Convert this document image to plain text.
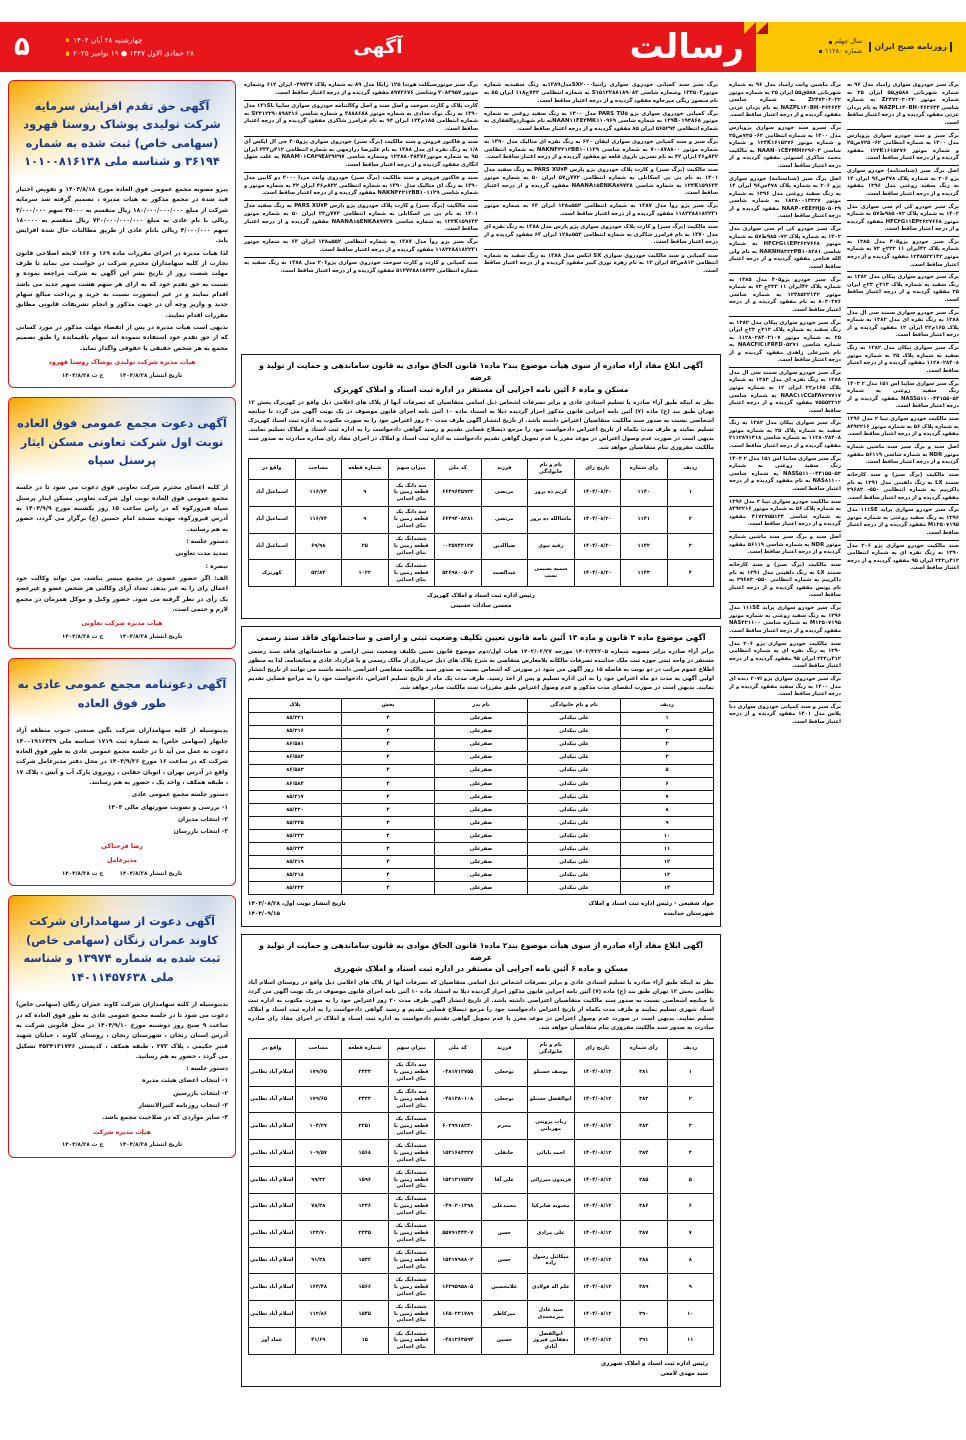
روزنامه صبح ایران
سال چهلم
شماره ۱۱۲۸۰
رسالت
آگهی
چهارشنبه ۲۸ آبان ۱۴۰۴
۲۸ جمادی الاول ۱۴۴۷ ● ۱۹ نوامبر ۲۰۲۵
۵
برگ سبز خودروی سواری زامیاد مدل ۹۶ به شماره شهربانی ۵۸۸ق۵۵ ایران ۲۵ به شماره موتور Z۲۴۷۳۰۳۰۳۲ به شماره شاسی NAZPL۱۴۰BH۰۴۶۳۶۴۴ به نام یزدان عزتی مفقود گردیده و از درجه اعتبار ساقط است.
برگ سبز و سند خودرو سواری پژوپارس مدل ۱۴۰۰ به شماره انتظامی ۶۲- ۷۲۵ص۲۵ و شماره موتور ۱۲۴K۱۶۱۵۲۷۶ مفقود گردیده و از درجه اعتبار ساقط است.
اصل برگ سبز (شناسنامه) خودرو سواری پژو ۲۰۶ به شماره پلاک ۴۷۸س۹۶ ایران ۱۴ به رنگ سفید روغنی مدل ۱۳۹۶ مفقود گردیده و از درجه اعتبار ساقط است.
برگ سبز خودرو کی ام سی سواری مدل ۱۴۰۲ به شماره پلاک ۷۲- ۹۸۵ط۵۷ به شماره موتور HFC۴G۱۱EP۳۶۲۷۶۶۸ مفقود گردیده و از درجه اعتبار ساقط است.
برگ سبز خودرو پژو۴۰۵ مدل ۱۳۸۵ به شماره پلاک ۴۲ایران ۱۱ ۲۳۳ج ۷۳ به شماره موتور ۱۲۴۸۵۲۲۱۴۲ مفقود گردیده و از درجه اعتبار ساقط است.
برگ سبز خودرو سواری پیکان مدل ۱۳۸۲ به رنگ سفید به شماره پلاک ۳۱۳ج ۲۳ج ایران ۲۵ مفقود گردیده و از درجه اعتبار ساقط است.
برگ سبز خودرو سواری سمند سی ال مدل ۱۳۸۸ به رنگ نقره ای مدل ۱۳۸۳ به شماره پلاک ۱۶۵م۲۲ ایران ۱۲ مفقود گردیده و از درجه اعتبار ساقط است.
برگ سبز سواری پیکان مدل ۱۳۸۲ به رنگ سفید به شماره پلاک ۲۵ به شماره موتور ۱۱۲۸۰۲۸۴۰۸ مفقود گردیده و از درجه اعتبار ساقط است.
برگ سبز سواری ساینا اس ۱۵۱ مدل ۲ ۱۴۰۳ رنگ سفید روغنی به شماره NASS۵۱۱۰۰۴۴۱۵۵۰۵۳ مفقود گردیده و از درجه اعتبار ساقط است.
سند مالکیت خودرو سواری تیبا ۲ مدل ۱۳۹۶ به شماره پلاک ۵۶ به شماره موتور ۸۴۹۲۲۱۶ مفقود گردیده و از درجه اعتبار ساقط است.
اصل سند و برگ سبز سند ماشین شماره موتور NDR به شماره شاسی ۵۶۱۱۹ مفقود گردیده و از درجه اعتبار ساقط است.
سند مالکیت (برگ سبز) و سند کارخانه سمند LX به رنگ دلفینی مدل ۱۳۹۱ به نام داکرپیم به شماره انتظامی ۵۵۰- ۲۹۶۸۳ مفقود گردیده و از درجه اعتبار ساقط است.
برگ سبز خودرو سواری پراید ۱۱۱SE مدل ۱۳۹۶ به رنگ سفید روغنی به شماره موتور M۱۳۵۰۷۱۹۵ مفقود گردیده و از درجه اعتبار ساقط است.
سند مالکیت خودرو سواری پژو ۲۰۶ مدل ۱۳۹۰ به رنگ نقره ای به شماره انتظامی ۴۱۲ن۲۳۳ ایران ۹۵ مفقود گردیده و از درجه اعتبار ساقط است.
برگ ماشین وانت زامیاد مدل ۹۶ به شماره شهربانی ۵۸۸ق۵۵ ایران ۲۵ به شماره موتور Z۲۴۷۳۰۳۰۳۲ به شماره شاسی NAZPL۱۴۰BH۰۴۶۳۶۴۴ به نام یزدان عزتی مفقود گردیده و از درجه اعتبار ساقط است.
برگ سبزو سند خودرو سواری پژوپارس مدل ۱۴۰۰ به شماره انتظامی ۶۲- ۷۲۵ص۲۵ و شماره موتور ۱۲۴K۱۶۱۵۲۷۶ و شماره شاسی NAAN۰۱CE۴MH۶۲۹۶۰۴ به مالکیت محمد شاکری اسبوئی مفقود گردیده و از درجه اعتبار ساقط است.
اصل برگ سبز (شناسنامه) خودرو سواری پژو ۲۰۶ به شماره پلاک ۴۷۸س۹۶ ایران ۱۴ به رنگ سفید روغنی مدل ۱۳۹۶ به شماره موتور ۱۸۲۸۰۰۱۳۳۲۷ به شماره شاسی NAAP۰۳EE۴HJ۵۰۵۰۳۹ مفقود گردیده و از درجه اعتبار ساقط است.
برگ سبز خودرو کی ام سی سواری مدل ۱۴۰۲ به شماره پلاک ۷۲- ۹۸۵ط۵۷ به شماره موتور HFC۴G۱۱EP۳۶۲۷۶۶۸ به شماره شاسی NAKNH۸۳۲۳PB۱۰۸۲۸۱ به نام ولی الله فتاحی مفقود گردیده و از درجه اعتبار ساقط است.
برگ سبز خودرو پژو۴۰۵ مدل ۱۳۸۵ به شماره پلاک ۴۲ایران ۱۱ ۲۳۳ج ۷۳ به شماره موتور ۱۲۴۸۵۲۲۱۴۲ به شماره شاسی ۸۰۳۰۳۷۶ به نام مفقود گردیده و از درجه اعتبار ساقط است.
برگ سبز خودرو سواری پیکان مدل ۱۳۸۲ به رنگ سفید به شماره پلاک ۳۱۳ج ۲۳ج ایران ۲۵ به شماره موتور ۱۱۲۸۰۲۸۴۰۳۱۰۷ به شماره شاسی NAACFIC۱FRFD۰۵۲۷۱ به نام شیرعلی زاهدی مفقود گردیده و از درجه اعتبار ساقط است.
برگ سبز خودرو سواری سمند سی ال مدل ۱۳۸۸ به رنگ نقره ای مدل ۱۳۸۳ به شماره پلاک ۱۶۵م۲۲ ایران ۱۲ به شماره موتور NAAC۱۱CC۵FA۷۲۷۷۱۷ به شماره شاسی ۷۵۵۵۳۳۱۲ مفقود گردیده و از درجه اعتبار ساقط است.
برگ سبز سواری پیکان مدل ۱۳۸۲ به رنگ سفید به شماره پلاک ۲۵ به شماره موتور ۱۱۲۸۰۲۸۴۰۸ به شماره شاسی ۳۱۱۲۸۹۱۴۱۸ مفقود گردیده و از درجه اعتبار ساقط است.
برگ سبز سواری ساینا اس ۱۵۱ مدل ۲ ۱۴۰۳ رنگ سفید روغنی به شماره NASS۵۱۱۰۰۴۴۱۵۵۰۵۳ به شماره شاسی NAS۸۱۱۰۰ به نام مفقود گردیده و از درجه اعتبار ساقط است.
سند مالکیت خودرو سواری تیبا ۲ مدل ۱۳۹۶ به شماره پلاک ۵۶ به شماره موتور ۸۴۹۲۲۱۶ به شماره شاسی ۴۱۷۲۷۵۵۱۳۴ مفقود گردیده و از درجه اعتبار ساقط است.
اصل سند و برگ سبز سند ماشین شماره موتور NDR به شماره شاسی ۵۶۱۱۹ مفقود گردیده و از درجه اعتبار ساقط است.
سند مالکیت (برگ سبز) و سند کارخانه سمند LX به رنگ دلفینی مدل ۱۳۹۱ به نام داکرپیم به شماره انتظامی ۵۵۰- ۲۹۶۸۳ به نام یونس مفقود گردیده و از درجه اعتبار ساقط است.
برگ سبز خودرو سواری پراید ۱۱۱SE مدل ۱۳۹۶ به رنگ سفید روغنی به شماره موتور M۱۳۵۰۷۱۹۵ به شماره شاسی NAS۴۳۱۱۰۰ مفقود گردیده و از درجه اعتبار ساقط است.
سند مالکیت خودرو سواری پژو ۲۰۶ مدل ۱۳۹۰ به رنگ نقره ای به شماره انتظامی ۴۱۲ن۲۳۳ ایران ۹۵ مفقود گردیده و از درجه اعتبار ساقط است.
برگ سبز خودروی سواری پژو ۲۰۷i دنده ای مدل ۱۴۰۰ به رنگ سفید مفقود گردیده و از درجه اعتبار ساقط است.
برگ سبز و سند کمپانی خودروی سواری دنا پلاس مدل ۱۴۰۱ مفقود گردیده و از درجه اعتبار ساقط است.
برگ سبز سند کمپانی خودروی سواری زانتیاSX۲۰۰۰مدل۱۳۸۹به رنگ سفیدبه شماره موتور۱۳۴۵۰۳ وشماره شاسی S۱۵۱۲۲۸۸۱۸۹۰۸۳ به شماره انتظامی ۷۴۲ج۱۱۸ ایران ۸۵ به نام منصور ریگی میرجاوه مفقود گردیده و از درجه اعتبار ساقط است.
برگ کمپانی خودروی سواری پژو PARS TU۵ مدل ۱۴۰۰ به رنگ سفید روغنی به شماره موتور ۱۳۹B۰۱۹۴۸۶۸ به شماره شاسی NAAN۱۱FE۴MK۱۱۰۹۶۹به نام شهنازذوالفقاری به شماره انتظامی ۵۶۵۲۹۴ ایران ۸۵ مفقود گردیده و از درجه اعتبار ساقط است.
برگ سبز و سند کمپانی خودروی سواری لیفان ۶۲۰ به رنگ نقره ای متالیک مدل ۱۳۹۰ به شماره موتور ۷۰۰۸۷۸۸۰۰ به شماره شاسی NAKNF۴۲۱۲BB۱۰۱۱۲۹ به شماره انتظامی ۸۴۲و۴۶ ایران ۴۲ به نام نسرین ناروی قلعه نو مفقود گردیده و از درجه اعتبار ساقط است.
سند مالکیت (برگ سبز) و کارت پلاک خودروی پژو پارس PARS XU۷P به رنگ سفید مدل ۱۴۰۱ به نام بی بی اسکانلی به شماره انتظامی ۷۷۲ن۵۷ ایران ۵۰ به شماره موتور ۱۲۴K۱۵۹۶۴۳ به شماره شاسی NAANA۱۵ENKA۸۹۷۳۸ مفقود گردیده و از درجه اعتبار ساقط است.
برگ سبز پژو روآ مدل ۱۳۸۷ به شماره انتظامی ۵۵۲ه۱۲۸ ایران ۶۳ به شماره موتور ۱۱۸۲۲۸۸۱۸۲۲۳۱ مفقود گردیده و از درجه اعتبار ساقط است.
سند مالکیت (برگ سبز) و کارت پلاک خودروی سواری پژو پارس مدل ۱۳۸۸ به رنگ نقره ای مدل ۱۳۷۰ به نام فرامرز شاکری به شماره انتظامی ۵۵۲ه۱۲۸ ایران ۶۳ مفقود گردیده و از درجه اعتبار ساقط است.
سند کمپانی و سند مالکیت خودروی سواری SX ایکس مدل ۱۳۸۸ به رنگ سفید به شماره انتظامی ۸۱۲ص۵۳ ایران ۱۲ به نام زهره نوری کبیر مفقود گردیده و از درجه اعتبار ساقط است.
برگ سبز موتورسیکلت هوندا ۱۲۵ رایکا مدل ۸۹ به شماره پلاک ۴۹۷۲۷- ایران ۶۱۲ وشماره موتور ۳۰۸۴۹۵۷ وشاسی ۸۹۷۲۶۷۶ مفقود گردیده و از درجه اعتبار ساقط است.
کارت پلاک و کارت سوخت و اصل سند و اصل وکالتنامه خودروی سواری سایپا ۱۳۱SL مدل ۱۳۹۰ به رنگ نوک مدادی به شماره موتور ۳۸۸۸۶۸۸ و شماره شاسی S۳۴۱۲۲۹۰۸۹۸۲۱۶ به شماره انتظامی ۱۸۵م۱۲۳ ایران ۹۴ به نام فرامرز شاکری مفقود گردیده و از درجه اعتبار ساقط است.
سند و فاکتور فروش و سند مالکیت (برگ سبز) خودروی سواری پژو۴۰۵ جی ال ایکس آی ۱/۸ به رنگ نقره ای مدل ۱۳۸۸ به نام علیرضا درازمهی به شماره انتظامی ۴۱۲ن۲۳۳ ایران ۹۵ به شماره موتور۱۲۴۸۸۰۴۸۳۷۶ وشماره شاسی NAAM۰۱CA۳۹E۸۲۹۲۹۷ به علت سهل انگاری مفقود گردیده و از درجه اعتبار ساقط است.
سند و فاکتور فروش و سند مالکیت (برگ سبز) خودروی وانت مزدا ۲۰۰۰ دو کابین مدل ۱۳۹۰ به رنگ ای متالیک مدل ۱۳۹۰ به شماره انتظامی ۸۴۲م۴۶ ایران ۴۲ به شماره موتور و شماره شاسی NAKNF۴۲۱۲BB۱۰۱۱۲۹ مفقود گردیده و از درجه اعتبار ساقط است.
سند مالکیت (برگ سبز) و کارت پلاک خودروی پژو پارس PARS XU۷P به رنگ سفید مدل ۱۴۰۱ به نام بی بی اسکانلی به شماره انتظامی ۷۷۲ن۲۳ ایران ۵۰ به شماره موتور ۱۲۴K۱۵۹۶۴۳ به شماره شاسی NAANA۱۵ENKA۸۹۷۳۸ مفقود گردیده و از درجه اعتبار ساقط است.
برگ سبز پژو روآ مدل ۱۳۸۷ به شماره انتظامی ۵۵۲ه۱۲۸ ایران ۶۳ به شماره موتور ۱۱۸۲۲۸۸۱۸۲۲۳۱ مفقود گردیده و از درجه اعتبار ساقط است.
سند کمپانی و کارت و کارت سوخت خودروی سواری پژو۲۰۶ مدل ۱۳۸۸ به رنگ سفید به شماره انتظامی ۵۱۲۷۲۸۸۱۸۴۴۲ مفقود گردیده و از درجه اعتبار ساقط است.
آگهی ابلاغ مفاد آراء صادره از سوی هیأت موضوع بند۲ ماده۱ قانون الحاق موادی به قانون ساماندهی و حمایت از تولید و عرضه
مسکن و ماده ۶ آئین نامه اجرایی آن مستقر در اداره ثبت اسناد و املاک کهریزک
نظر به اینکه طبق آراء صادره با تسلیم اسنادی عادی و برابر تصرفات اشخاص ذیل اسامی متقاضیان که تصرفات آنها از پلاک های اعلامی ذیل واقع در کهریزک بخش ۱۲ تهران طبق بند (ج) ماده (۷) آئین نامه اجرایی قانون مذکور احراز گردیده ذیلا به استناد ماده ۱۰ آئین نامه اجرای قانون موصوف در یک نوبت آگهی می گردد تا چنانچه اشخاصی نسبت به صدور سند مالکیت متقاضیان اعتراض داشته باشد. از تاریخ انتشار آگهی ظرف مدت ۲۰ روز اعتراض خود را به صورت مکتوب به اداره ثبت اسناد کهریزک تسلیم نمایند و ظرف مدت یکماه از تاریخ اعتراض دادخواست خود را مرجع ذیصلاح قضایی تقدیم و رسید گواهی دادخواست را به اداره ثبت اسناد و املاک تسلیم نمایند. بدیهی است در صورت عدم وصول اعتراض در موعد مغرر یا عدم تحویل گواهی تقدیم دادخواست به اداره ثبت اسناد و املاک در اجرای مفاد رای صادره مبادرت به صدور سند مالکیت مفروزی بنام متقاضیان خواهد شد.
ردیف	رأی شماره	تاریخ رای	نام و نام خانوادگی	فرزند	کد ملی	میزان سهم	شماره قطعه	مساحت	واقع در
۱	۱۱۴۰	۱۴۰۴/۰۸/۲۰	کریم ده برور	مرتضی	۶۶۴۹۶۴۵۹۲۳	سه دانگ یک قطعه رمین با بنای احداثی	۹	۱۱۶/۷۴	اسماعیل آباد
۲	۱۱۴۱	۱۴۰۴/۰۸/۲۰	ماشاالله ده برور	مرتضی	۶۶۴۹۴۰۸۲۸۱	سه دانگ یک قطعه رمین با بنای احداثی	۹	۱۱۶/۷۴	اسماعیل آباد
۳	۱۱۴۲	۱۴۰۴/۰۸/۲۰	رقیه نبوی	ضیاالدین	۰۰۳۵۷۴۲۱۲۷	ششدانگ یک قطعه رمین با بنای احداثی	۲۵	۶۹/۹۸	اسماعیل آباد
۴	۱۱۴۳	۱۴۰۴/۰۸/۲۰	سمیه نسیمی نسب	عبدالصمد	۵۲۶۹۸۰۰۵۰۳	ششدانگ یک قطعه رمین با بنای احداثی	۱۰۲۲	۵۳/۸۴	کهریزک
رئیس اداره ثبت اسناد و املاک کهریزک
محسن سادات حسینی
آگهی موضوع ماده ۳ قانون و ماده ۱۳ آئین نامه قانون تعیین تکلیف وضعیت ثبتی و اراضی و ساختمانهای فاقد سند رسمی
برابر آراء صادره برابر مصوبه شماره ۱۴۰۲/۳۲۲۰۵ مورخه ۱۴۰۲/۰۲/۲۷ هیات اول/دوم موضوع قانون تعیین تکلیف وضعیت ثبتی اراضی و ساختمانهای فاقد سند رسمی مستقر در واحد ثبتی حوزه ثبت ملک خدابنده تصرفات مالکانه بلامعارض متقاضی به شرح پلاک های ذیل خریداری از مالک رسمی و یا قرارداد عادی و مبایعنامه. لذا به منظور اطلاع عموم مراتب در دو نوبت به فاصله ۱۵ روز آگهی می شود در صورتی که اشخاص نسبت به صدور سند مالکیت متقاضی اعتراضی داشته باشند می توانند از تاریخ انتشار اولین آگهی به مدت دو ماه اعتراض خود را به این اداره تسلیم و پس از اخذ رسید. ظرف مدت یک ماه از تاریخ تسلیم اعتراض، دادخواست خود را به مراجع قضایی تقدیم نمایند. بدیهی است در صورت انقضای مدت مذکور و عدم وصول اعتراض طبق مقررات سند مالکیت صادر خواهد شد.
ردیف	نام و نام خانوادگی	نام پدر	بخش	پلاک
۱	علی بیکدلی	صفرعلی	۴	۸۵/۲۲۱
۲	علی بیکدلی	صفرعلی	۴	۸۵/۲۱۶
۳	علی بیکدلی	صفرعلی	۴	۸۶/۵۸۱
۴	علی بیکدلی	صفرعلی	۴	۸۶/۵۸۲
۵	علی بیکدلی	صفرعلی	۴	۸۶/۵۸۳
۶	علی بیکدلی	صفرعلی	۴	۸۶/۵۸۴
۷	علی بیکدلی	صفرعلی	۴	۸۵/۲۱۷
۸	علی بیکدلی	صفرعلی	۴	۸۵/۲۲۰
۹	علی بیکدلی	صفرعلی	۴	۸۵/۲۲۵
۱۰	علی بیکدلی	صفرعلی	۴	۸۵/۲۲۳
۱۱	علی بیکدلی	صفرعلی	۴	۸۵/۲۲۴
۱۲	علی بیکدلی	صفرعلی	۴	۸۵/۲۱۹
۱۳	علی بیکدلی	صفرعلی	۴	۸۵/۲۱۸
۱۴	علی بیکدلی	صفرعلی	۴	۸۵/۲۲۲
جواد شفیعی - رئیس اداره ثبت اسناد و املاک
شهرستان خدابنده
تاریخ انتشار نوبت اول، ۱۴۰۴/۰۸/۲۸
۱۴۰۴/۰۹/۱۵
آگهی ابلاغ مفاد آراء صادره از سوی هیأت موضوع بند۲ ماده۱ قانون الحاق موادی به قانون ساماندهی و حمایت از تولید و عرضه
مسکن و ماده ۶ آئین نامه اجرایی آن مستقر در اداره ثبت اسناد و املاک شهرری
نظر به اینکه طبق آراء صادره با تسلیم اسنادی عادی و برابر تصرفات اشخاص ذیل اسامی متقاضیان که تصرفات آنها از پلاک های اعلامی ذیل واقع در روستای اسلام آباد نظامی بخش ۱۲ تهران طبق بند (ج) ماده (۷) آئین نامه اجرایی قانون مذکور احراز گردیده ذیلا به استناد ماده ۱۰ آئین نامه اجرای قانون موصوف در یک نوبت آگهی می گردد تا چنانچه اشخاصی نسبت به صدور سند مالکیت متقاضیان اعتراضی داشته باشد. از تاریخ انتشار آگهی ظرف مدت ۲۰ روز اعتراض خود را به صورت مکتوب به اداره ثبت اسناد شهری تسلیم نمایند و ظرف مدت یکماه از تاریخ اعتراض دادخواست خود را مرجع ذیصلاح قضایی تقدیم و رسید گواهی دادخواست را به اداره ثبت اسناد و املاک تسلیم نمایند. بدیهی است در صورت عدم وصول اعتراض در موعد مغرر یا عدم تحویل گواهی تقدیم دادخواست به اداره ثبت اسناد و املاک در اجرای مفاد رای صادره مبادرت به صدور سند مالکیت مفروزی بنام متقاضیان خواهد شد.
ردیف	رأی شماره	تاریخ رای	نام و نام خانوادگی	فرزند	کد ملی	میزان سهم	شماره قطعه	مساحت	واقع در
۱	۳۸۱	۱۴۰۴/۰۸/۱۲	یوسف حسنلو	نوحعلی	۰۴۸۱۷۱۲۷۵۵	سه دانگ یک قطعه زمین با بنای احداثی	۲۴۳۳	۱۷۹/۶۵	اسلام آباد نظامی
۲	۳۸۲	۱۴۰۴/۰۸/۱۲	ابوالفضل حسنلو	نوحعلی	۰۴۸۱۳۸۰۱۰۸	سه دانگ یک قطعه زمین با بنای احداثی	۲۴۳۳	۱۷۹/۶۵	اسلام آباد نظامی
۳	۳۸۳	۱۴۰۴/۰۸/۱۲	رباب پروینی مهربانی	محرم	۶۰۲۹۹۱۸۲۳۰	ششدانگ یک قطعه زمین با بنای احداثی	۲۲۵۱	۱۰۴/۲۷	اسلام آباد نظامی
۴	۳۸۴	۱۴۰۴/۰۸/۱۲	احمد بابائی	خانقلی	۱۵۳۱۶۸۴۳۲۷	ششدانگ یک قطعه زمین با بنای احداثی	۱۵۶۸	۱۰۹/۵۷	اسلام آباد نظامی
۵	۳۸۵	۱۴۰۴/۰۸/۱۲	فریدون میرزائی	علی آقا	۱۵۳۱۳۱۷۵۳۷	ششدانگ یک قطعه زمین با بنای احداثی	۱۵۹۶	۹۹/۳۲	اسلام آباد نظامی
۶	۳۸۶	۱۴۰۴/۰۸/۱۲	محبوبه صابرکیا	محمدعلی	۰۴۹۰۳۰۱۳۹۸	ششدانگ یک قطعه زمین با بنای احداثی	۱۳۳۶	۷۸/۳۸	اسلام آباد نظامی
۷	۳۸۷	۱۴۰۴/۰۸/۱۲	علی مرادی	حسن	۵۵۷۹۱۴۴۴۰۷	ششدانگ یک قطعه زمین با بنای احداثی	۲۴۳۵	۱۲۴/۷۰	اسلام آباد نظامی
۸	۳۸۸	۱۴۰۴/۰۸/۱۲	میکائیل رسول زاده	حسن	۱۵۳۱۷۹۸۸۰۲	ششدانگ یک قطعه زمین با بنای احداثی	۱۵۳۲	۹۱/۳۸	اسلام آباد نظامی
۹	۳۸۹	۱۴۰۴/۰۸/۱۲	علم اله فولادی	غلامحسین	۱۶۳۹۵۹۵۸۰۵	ششدانگ یک قطعه زمین با بنای احداثی	۱۵۶۶	۱۶۴/۴۸	اسلام آباد نظامی
۱۰	۳۹۰	۱۴۰۴/۰۸/۱۲	سید عادل میرمحمدی	میرکاظم	۱۶۵۰۲۲۱۷۸۹	ششدانگ یک قطعه زمین با بنای احداثی	۱۵۴۵	۱۱۲/۸۶	اسلام آباد نظامی
۱۱	۳۹۱	۱۴۰۴/۰۸/۱۲	ابوالفضل دهقانی فیروز آبادی	حسین	۰۴۸۱۲۶۳۵۹۴	ششدانگ یک قطعه زمین با بنای احداثی	۱۵	۴۱/۶۹	عماد آور
رئیس اداره ثبت اسناد و املاک شهرری
سید مهدی لامعی
آگهی حق تقدم افزایش سرمایه شرکت تولیدی پوشاک روستا قهرود (سهامی خاص) ثبت شده به شماره ۳۶۱۹۴ و شناسه ملی ۱۰۱۰۰۸۱۶۱۳۸

پیرو مصوبه مجمع عمومی فوق العاده مورخ ۱۴۰۴/۸/۱۸ و تفویض اختیار قید شده در مجمع مذکور به هیات مدیره ، تصمیم گرفته شد سرمایه شرکت از مبلغ ۱۸۰/۰۰۰/۰۰۰/۰۰۰ ریال منقسم به ۴۵۰۰۰ سهم ۴/۰۰۰/۰۰۰ ریالی با نام عادی به مبلغ ۷۲۰/۰۰۰/۰۰۰/۰۰۰ ریال منقسم به ۱۸۰۰۰۰ سهم ۴/۰۰۰/۰۰۰ ریالی بانام عادی از طریق مطالبات حال شده افزایش یابد.

لذا هیات مدیره در اجرای مقررات ماده ۱۶۹ و ۱۶۶ لایحه اصلاحی قانون تجارت از کلیه سهامداران محترم شرکت در خواست می نماید تا ظرف مهلت شصت روز از تاریخ نشر این آگهی به شرکت مراجعه نموده و نسبت به حق تقدم خود که به ازای هر سهم هشت سهم جدید می باشد اقدام نمایند و در غیر اینصورت نسبت به خرید و پرداخت مبالغ سهام جدید و واریز وجه آن در جهت مذکور و انجام تشریفات قانونی مطابق مقررات اقدام نمایند.

بدیهی است هیات مدیره در پس از انقضاء مهلت مذکور در مورد کسانی که از حق تقدم خود استفاده ننموده اند سهام باقیمانده را طبق تصمیم مجمع به هر شخص حقیقی یا حقوقی واگذار نماید.

هیات مدیره شرکت تولیدی پوشاک روستا قهرود
تاریخ انتشار ۱۴۰۴/۸/۲۸
خ ت ۱۴۰۴/۸/۲۸
آگهی دعوت مجمع عمومی فوق العاده نوبت اول شرکت تعاونی مسکن ایثار پرسنل سپاه

از کلیه اعضای محترم شرکت تعاونی فوق دعوت می شود تا در جلسه مجمع عمومی فوق العاده نوبت اول شرکت تعاونی مسکن ایثار پرسنل سپاه فیروزکوه که در راس ساعت ۱۵ روز یکشنبه مورخ ۱۴۰۴/۹/۹ به آدرس فیروزکوه، مهدیه مسجد امام حسین (ع) برگزار می گردد، حضور به هم رسانید.

دستور جلسه :

تمدید مدت تعاونی

تبصره :

الف: اگر حضور عضوی در مجمع میسر نباشد، می تواند وکالت خود اعمال رای را به غیر بدهد. تعداد آرای وکالتی هر شخص عضو و غیرعضو یک رأی در نظر گرفته می شود. حضور وکیل و موکل همزمان در مجمع لازم و حتمی است.

هیات مدیره شرکت تعاونی
تاریخ انتشار ۱۴۰۴/۸/۲۸
خ ت ۱۴۰۴/۸/۲۸
آگهی دعوتنامه مجمع عمومی عادی به طور فوق العاده

بدینوسیله از کلیه سهامداران شرکت نگین صنعتی جنوب منطقه آزاد چابهار (سهامی خاص) به شماره ثبت ۱۷۱۹ شناسه ملی ۱۴۰۰۱۹۱۶۴۳۹ دعوت به عمل می آید تا در جلسه مجمع عمومی عادی به طور فوق العاده شرکت که در ساعت ۱۶ مورخ ۱۴۰۴/۹/۲۶ در محل دفتر مدیرعامل شرکت واقع در آدرس تهران ، اتوبان حقانی ، روبروی پارک آب و آتش ، پلاک ۱۷ ، طبقه همکف ، واحد یک ، حضور به هم رسانند.

دستور جلسه مجمع عمومی عادی

۱- بررسی و تصویب صورتهای مالی ۱۴۰۳

۲- انتخاب مدیران

۳- انتخاب بازرسان

رضا فرحناکی
مدیرعامل
تاریخ انتشار ۱۴۰۴/۸/۲۸
خ ت ۱۴۰۴/۸/۲۸
آگهی دعوت از سهامداران شرکت کاوند عمران زنگان (سهامی خاص) ثبت شده به شماره ۱۳۹۷۴ و شناسه ملی ۱۴۰۱۱۴۵۷۶۳۸

بدینوسیله از کلیه سهامداران شرکت کاوند عمران زنگان (سهامی خاص) دعوت می شود تا در جلسه مجمع عمومی عادی به طور فوق العاده که در ساعت ۹ صبح روز دوشنبه مورخ ۱۴۰۴/۹/۱۰ در محل قانونی شرکت به آدرس استان زنجان ، شهرستان زنجان ، روستای کاوند ، خیابان شهید قنبر حکیمی ، پلاک ۲۷۳ ، طبقه همکف ، کدپستی ۴۵۳۴۱۳۱۷۴۶ تشکیل می گردد ، حضور به هم رسانید.

دستور جلسه :

۱- انتخاب اعضای هیئت مدیره

۲- انتخاب بازرسین

۳- انتخاب روزنامه کثیرالانتشار

۴- سایر مواردی که در صلاحیت مجمع باشد.

هیات مدیره شرکت
تاریخ انتشار ۱۴۰۴/۸/۲۸
خ ت ۱۴۰۴/۸/۲۸
